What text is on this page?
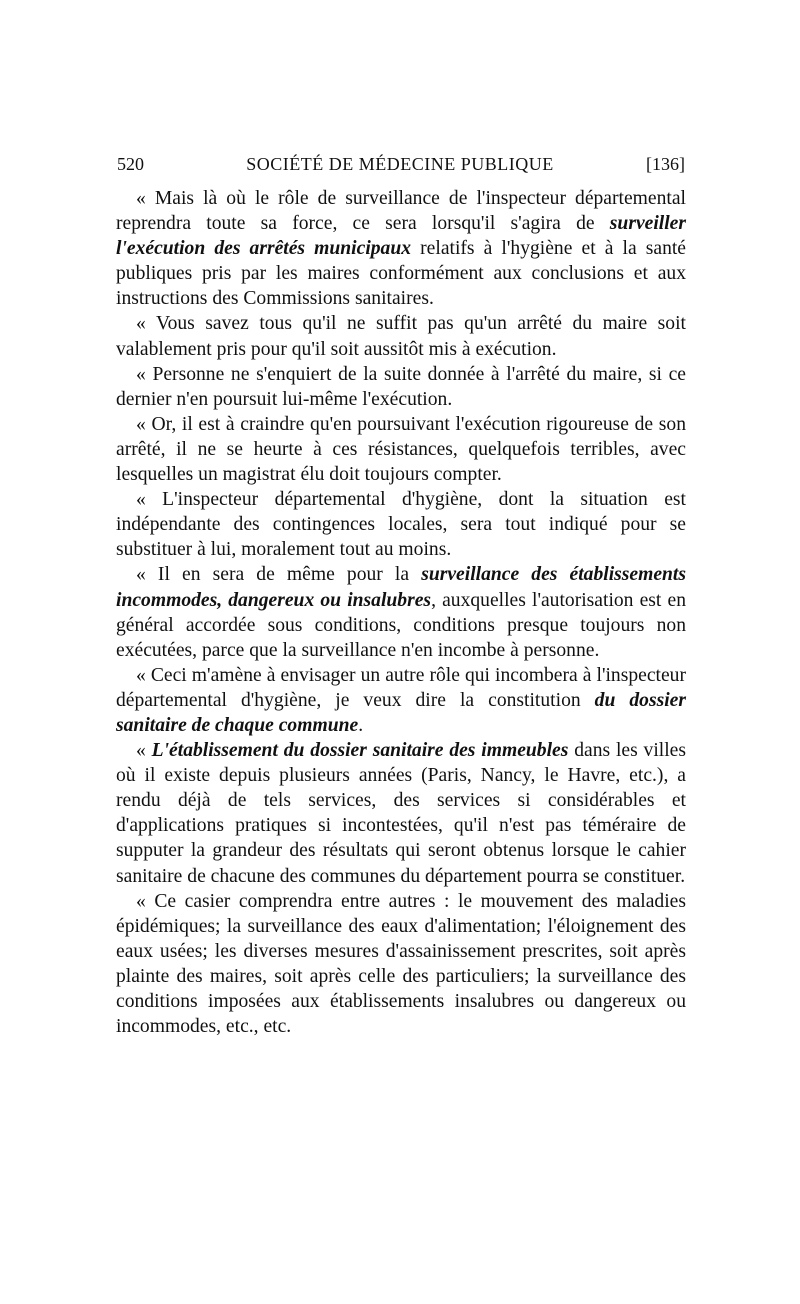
520	SOCIÉTÉ DE MÉDECINE PUBLIQUE	[136]

« Mais là où le rôle de surveillance de l'inspecteur départemental reprendra toute sa force, ce sera lorsqu'il s'agira de surveiller l'exécution des arrêtés municipaux relatifs à l'hygiène et à la santé publiques pris par les maires conformément aux conclusions et aux instructions des Commissions sanitaires.

« Vous savez tous qu'il ne suffit pas qu'un arrêté du maire soit valablement pris pour qu'il soit aussitôt mis à exécution.

« Personne ne s'enquiert de la suite donnée à l'arrêté du maire, si ce dernier n'en poursuit lui-même l'exécution.

« Or, il est à craindre qu'en poursuivant l'exécution rigoureuse de son arrêté, il ne se heurte à ces résistances, quelquefois terribles, avec lesquelles un magistrat élu doit toujours compter.

« L'inspecteur départemental d'hygiène, dont la situation est indépendante des contingences locales, sera tout indiqué pour se substituer à lui, moralement tout au moins.

« Il en sera de même pour la surveillance des établissements incommodes, dangereux ou insalubres, auxquelles l'autorisation est en général accordée sous conditions, conditions presque toujours non exécutées, parce que la surveillance n'en incombe à personne.

« Ceci m'amène à envisager un autre rôle qui incombera à l'inspecteur départemental d'hygiène, je veux dire la constitution du dossier sanitaire de chaque commune.

« L'établissement du dossier sanitaire des immeubles dans les villes où il existe depuis plusieurs années (Paris, Nancy, le Havre, etc.), a rendu déjà de tels services, des services si considérables et d'applications pratiques si incontestées, qu'il n'est pas téméraire de supputer la grandeur des résultats qui seront obtenus lorsque le cahier sanitaire de chacune des communes du département pourra se constituer.

« Ce casier comprendra entre autres : le mouvement des maladies épidémiques; la surveillance des eaux d'alimentation; l'éloignement des eaux usées; les diverses mesures d'assainissement prescrites, soit après plainte des maires, soit après celle des particuliers; la surveillance des conditions imposées aux établissements insalubres ou dangereux ou incommodes, etc., etc.
